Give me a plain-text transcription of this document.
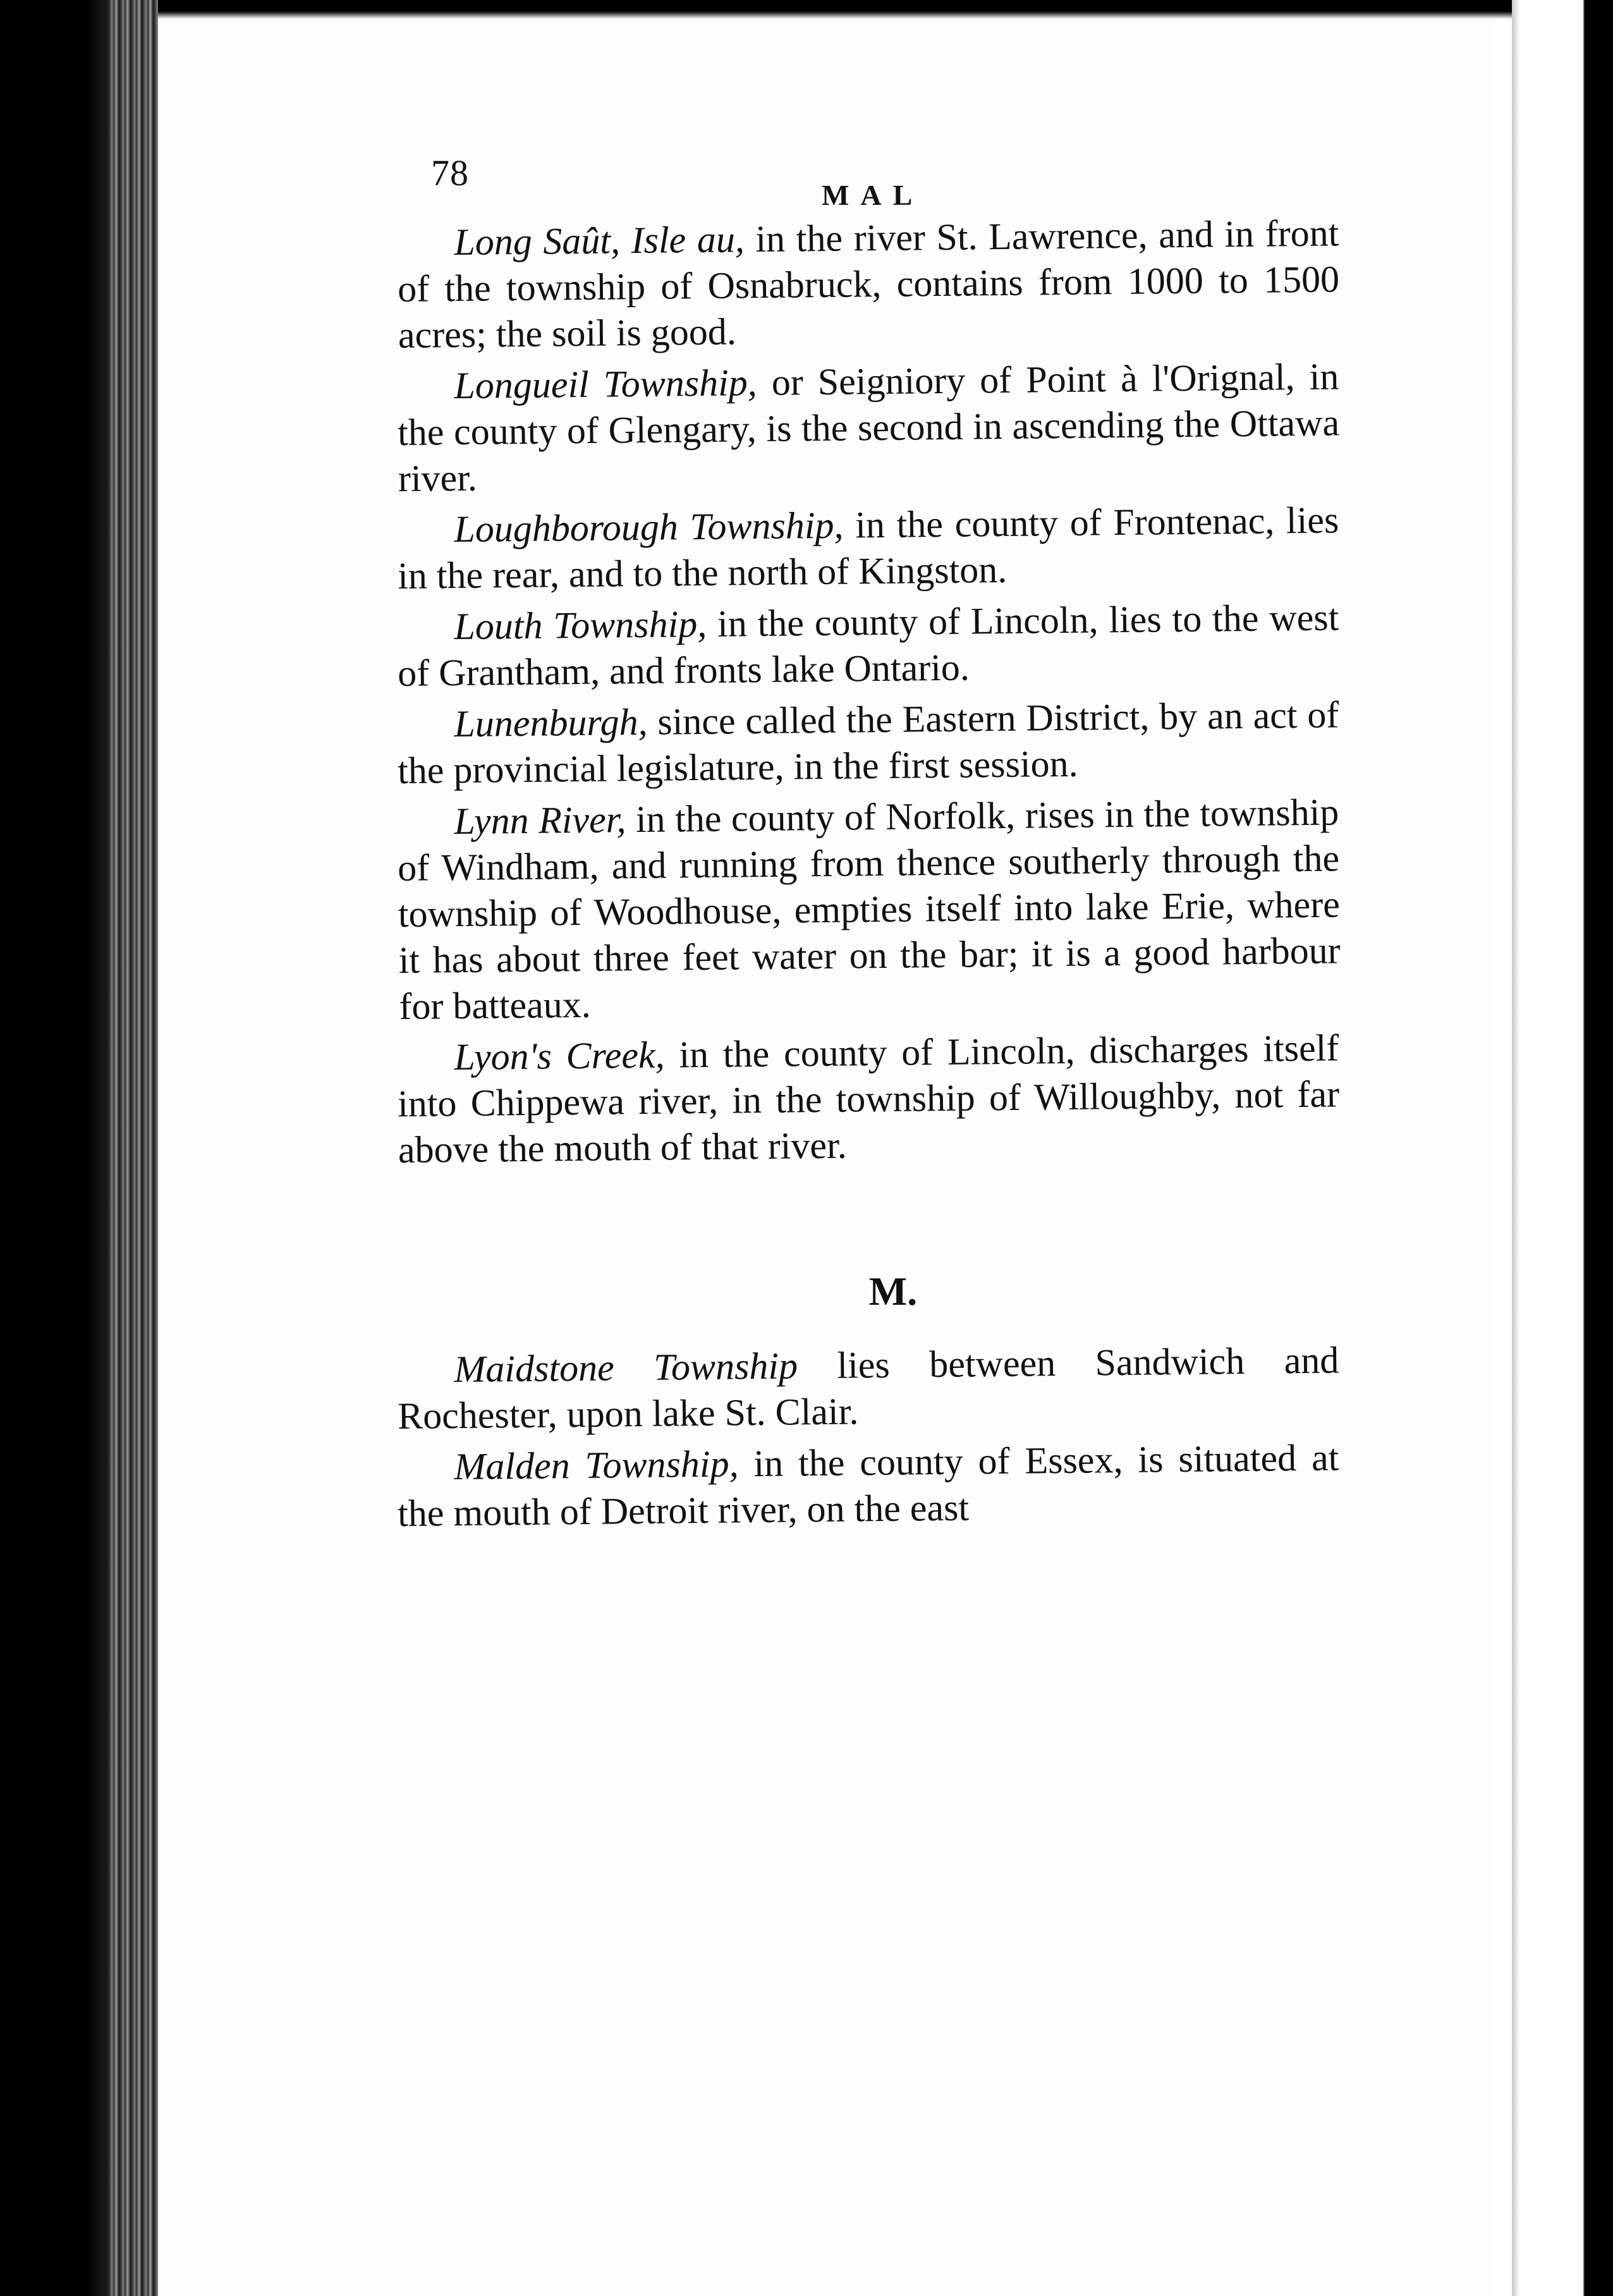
78
MAL

Long Saût, Isle au, in the river St. Lawrence, and in front of the township of Osnabruck, contains from 1000 to 1500 acres; the soil is good.

Longueil Township, or Seigniory of Point à l'Orignal, in the county of Glengary, is the second in ascending the Ottawa river.

Loughborough Township, in the county of Frontenac, lies in the rear, and to the north of Kingston.

Louth Township, in the county of Lincoln, lies to the west of Grantham, and fronts lake Ontario.

Lunenburgh, since called the Eastern District, by an act of the provincial legislature, in the first session.

Lynn River, in the county of Norfolk, rises in the township of Windham, and running from thence southerly through the township of Woodhouse, empties itself into lake Erie, where it has about three feet water on the bar; it is a good harbour for batteaux.

Lyon's Creek, in the county of Lincoln, discharges itself into Chippewa river, in the township of Willoughby, not far above the mouth of that river.

M.

Maidstone Township lies between Sandwich and Rochester, upon lake St. Clair.

Malden Township, in the county of Essex, is situated at the mouth of Detroit river, on the east
